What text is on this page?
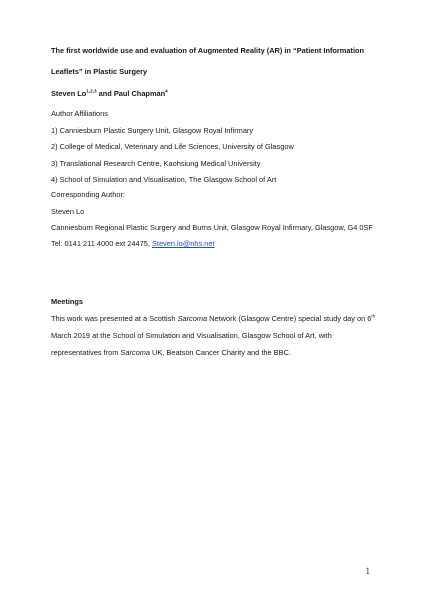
The first worldwide use and evaluation of Augmented Reality (AR) in “Patient Information

Leaflets” in Plastic Surgery

Steven Lo$^{1,2,3}$ and Paul Chapman$^4$

Author Affiliations

1) Canniesburn Plastic Surgery Unit, Glasgow Royal Infirmary

2) College of Medical, Veterinary and Life Sciences, University of Glasgow

3) Translational Research Centre, Kaohsiung Medical University

4) School of Simulation and Visualisation, The Glasgow School of Art

Corresponding Author:

Steven Lo

Canniesburn Regional Plastic Surgery and Burns Unit, Glasgow Royal Infirmary, Glasgow, G4 0SF

Tel: 0141 211 4000 ext 24475, Steven.lo@nhs.net

Meetings

This work was presented at a Scottish Sarcoma Network (Glasgow Centre) special study day on 6th

March 2019 at the School of Simulation and Visualisation, Glasgow School of Art, with

representatives from Sarcoma UK, Beatson Cancer Charity and the BBC.

1
